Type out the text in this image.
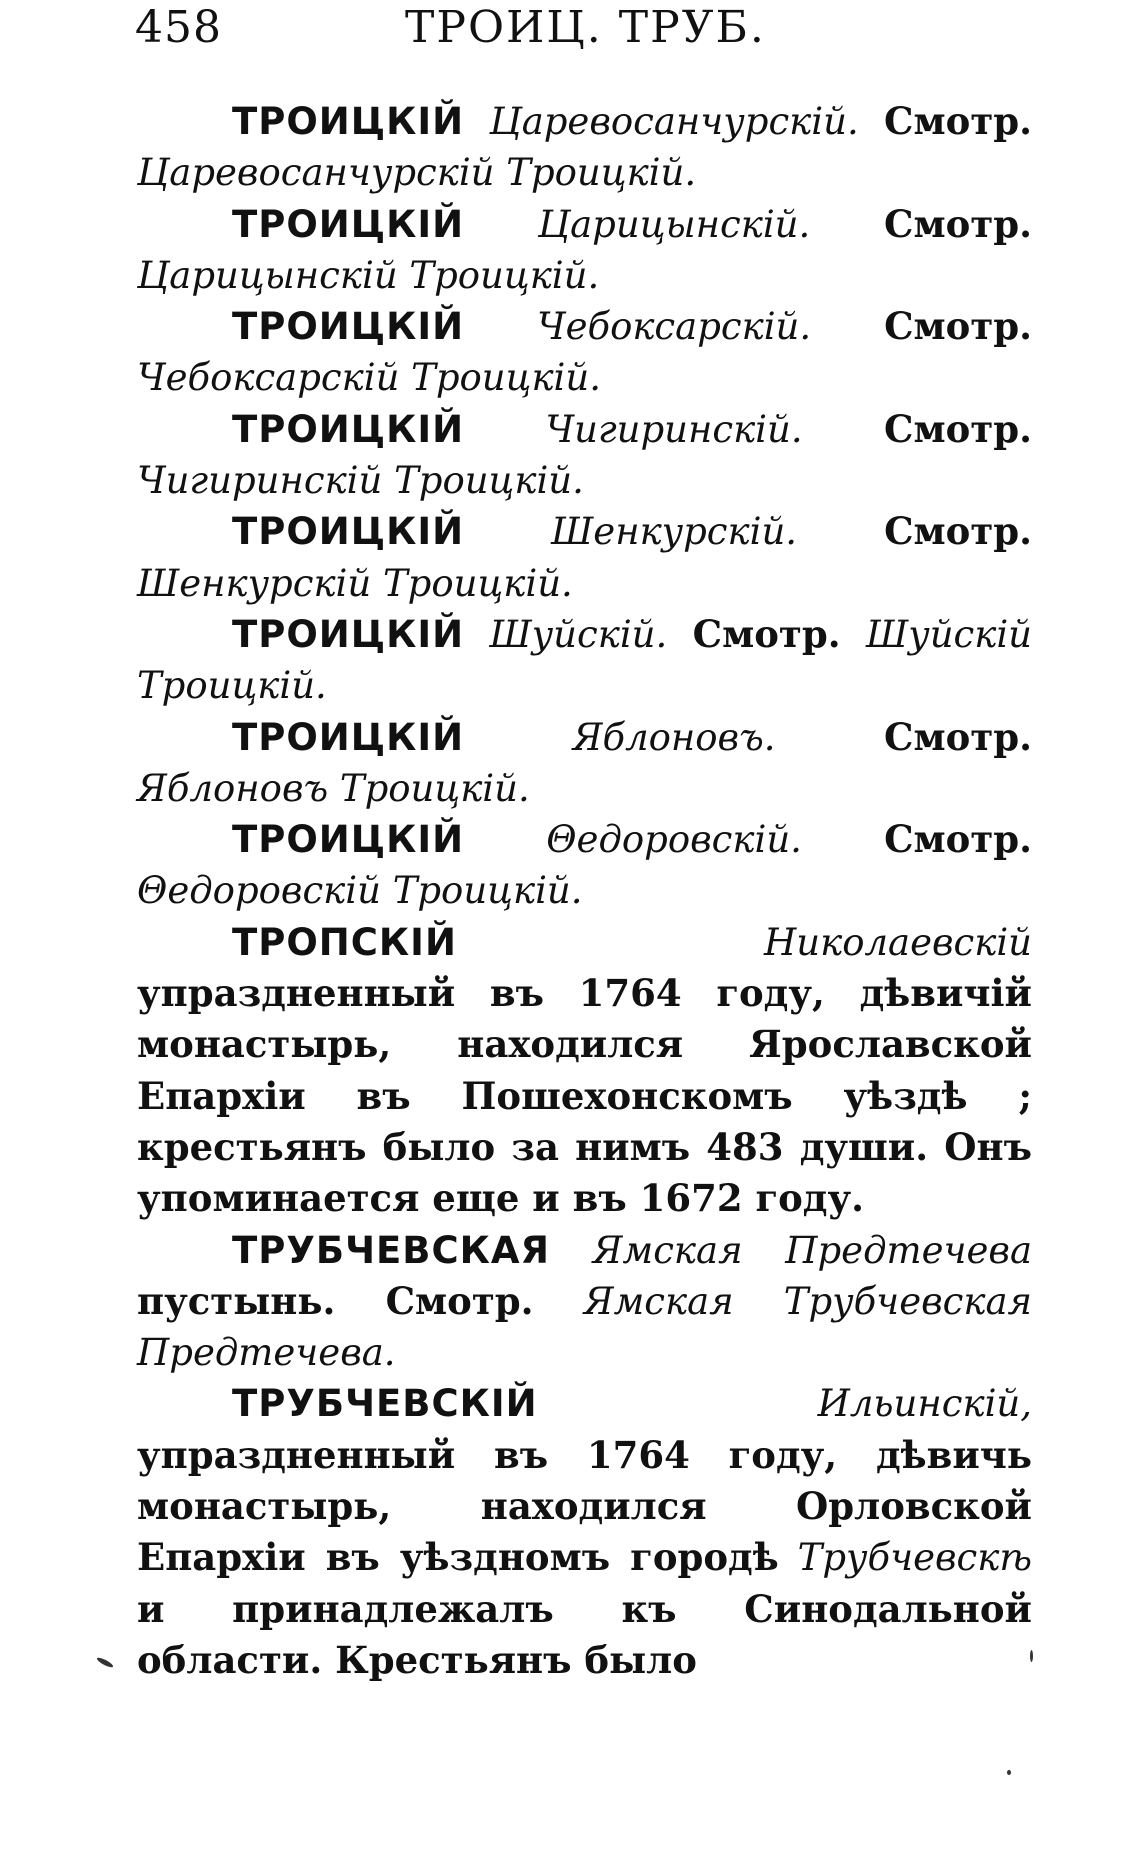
458	ТРОИЦ. ТРУБ.

ТРОИЦКІЙ Царевосанчурскій. Смотр. Царевосанчурскій Троицкій.

ТРОИЦКІЙ Царицынскій. Смотр. Царицынскій Троицкій.

ТРОИЦКІЙ Чебоксарскій. Смотр. Чебоксарскій Троицкій.

ТРОИЦКІЙ Чигиринскій. Смотр. Чигиринскій Троицкій.

ТРОИЦКІЙ Шенкурскій. Смотр. Шенкурскій Троицкій.

ТРОИЦКІЙ Шуйскій. Смотр. Шуйскій Троицкій.

ТРОИЦКІЙ	Яблоновъ.	Смотр. Яблоновъ Троицкій.

ТРОИЦКІЙ Θедоровскій. Смотр. Θедоровскій Троицкій.

ТРОПСКІЙ	Николаевскій упраздненный въ 1764 году, дѣвичій монастырь, находился Ярославской Епархіи въ Пошехонскомъ уѣздѣ ; крестьянъ было за нимъ 483 души. Онъ упоминается еще и въ 1672 году.

ТРУБЧЕВСКАЯ Ямская Предтечева пустынь. Смотр. Ямская Трубчевская Предтечева.

ТРУБЧЕВСКІЙ	Ильинскій, упраздненный въ 1764 году, дѣвичь монастырь, находился Орловской Епархіи въ уѣздномъ городѣ Трубчевскѣ и принадлежалъ къ Синодальной области. Крестьянъ было
